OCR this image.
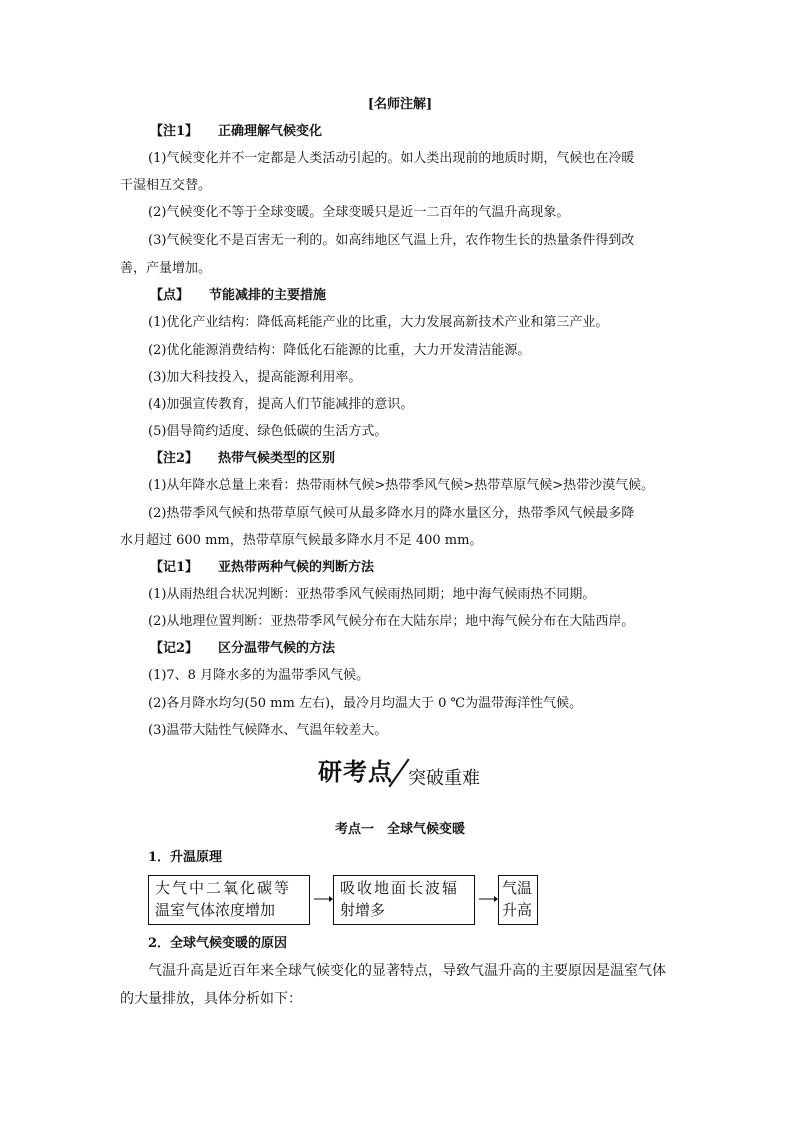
[名师注解]
【注1】 正确理解气候变化
(1)气候变化并不一定都是人类活动引起的。如人类出现前的地质时期，气候也在冷暖
干湿相互交替。
(2)气候变化不等于全球变暖。全球变暖只是近一二百年的气温升高现象。
(3)气候变化不是百害无一利的。如高纬地区气温上升，农作物生长的热量条件得到改
善，产量增加。
【点】 节能减排的主要措施
(1)优化产业结构：降低高耗能产业的比重，大力发展高新技术产业和第三产业。
(2)优化能源消费结构：降低化石能源的比重，大力开发清洁能源。
(3)加大科技投入，提高能源利用率。
(4)加强宣传教育，提高人们节能减排的意识。
(5)倡导简约适度、绿色低碳的生活方式。
【注2】 热带气候类型的区别
(1)从年降水总量上来看：热带雨林气候>热带季风气候>热带草原气候>热带沙漠气候。
(2)热带季风气候和热带草原气候可从最多降水月的降水量区分，热带季风气候最多降
水月超过 600 mm，热带草原气候最多降水月不足 400 mm。
【记1】 亚热带两种气候的判断方法
(1)从雨热组合状况判断：亚热带季风气候雨热同期；地中海气候雨热不同期。
(2)从地理位置判断：亚热带季风气候分布在大陆东岸；地中海气候分布在大陆西岸。
【记2】 区分温带气候的方法
(1)7、8 月降水多的为温带季风气候。
(2)各月降水均匀(50 mm 左右)，最冷月均温大于 0 ℃为温带海洋性气候。
(3)温带大陆性气候降水、气温年较差大。
研考点 突破重难
考点一　全球气候变暖
1．升温原理
大气中二氧化碳等
温室气体浓度增加
吸收地面长波辐
射增多
气温
升高
2．全球气候变暖的原因
气温升高是近百年来全球气候变化的显著特点，导致气温升高的主要原因是温室气体
的大量排放，具体分析如下：
